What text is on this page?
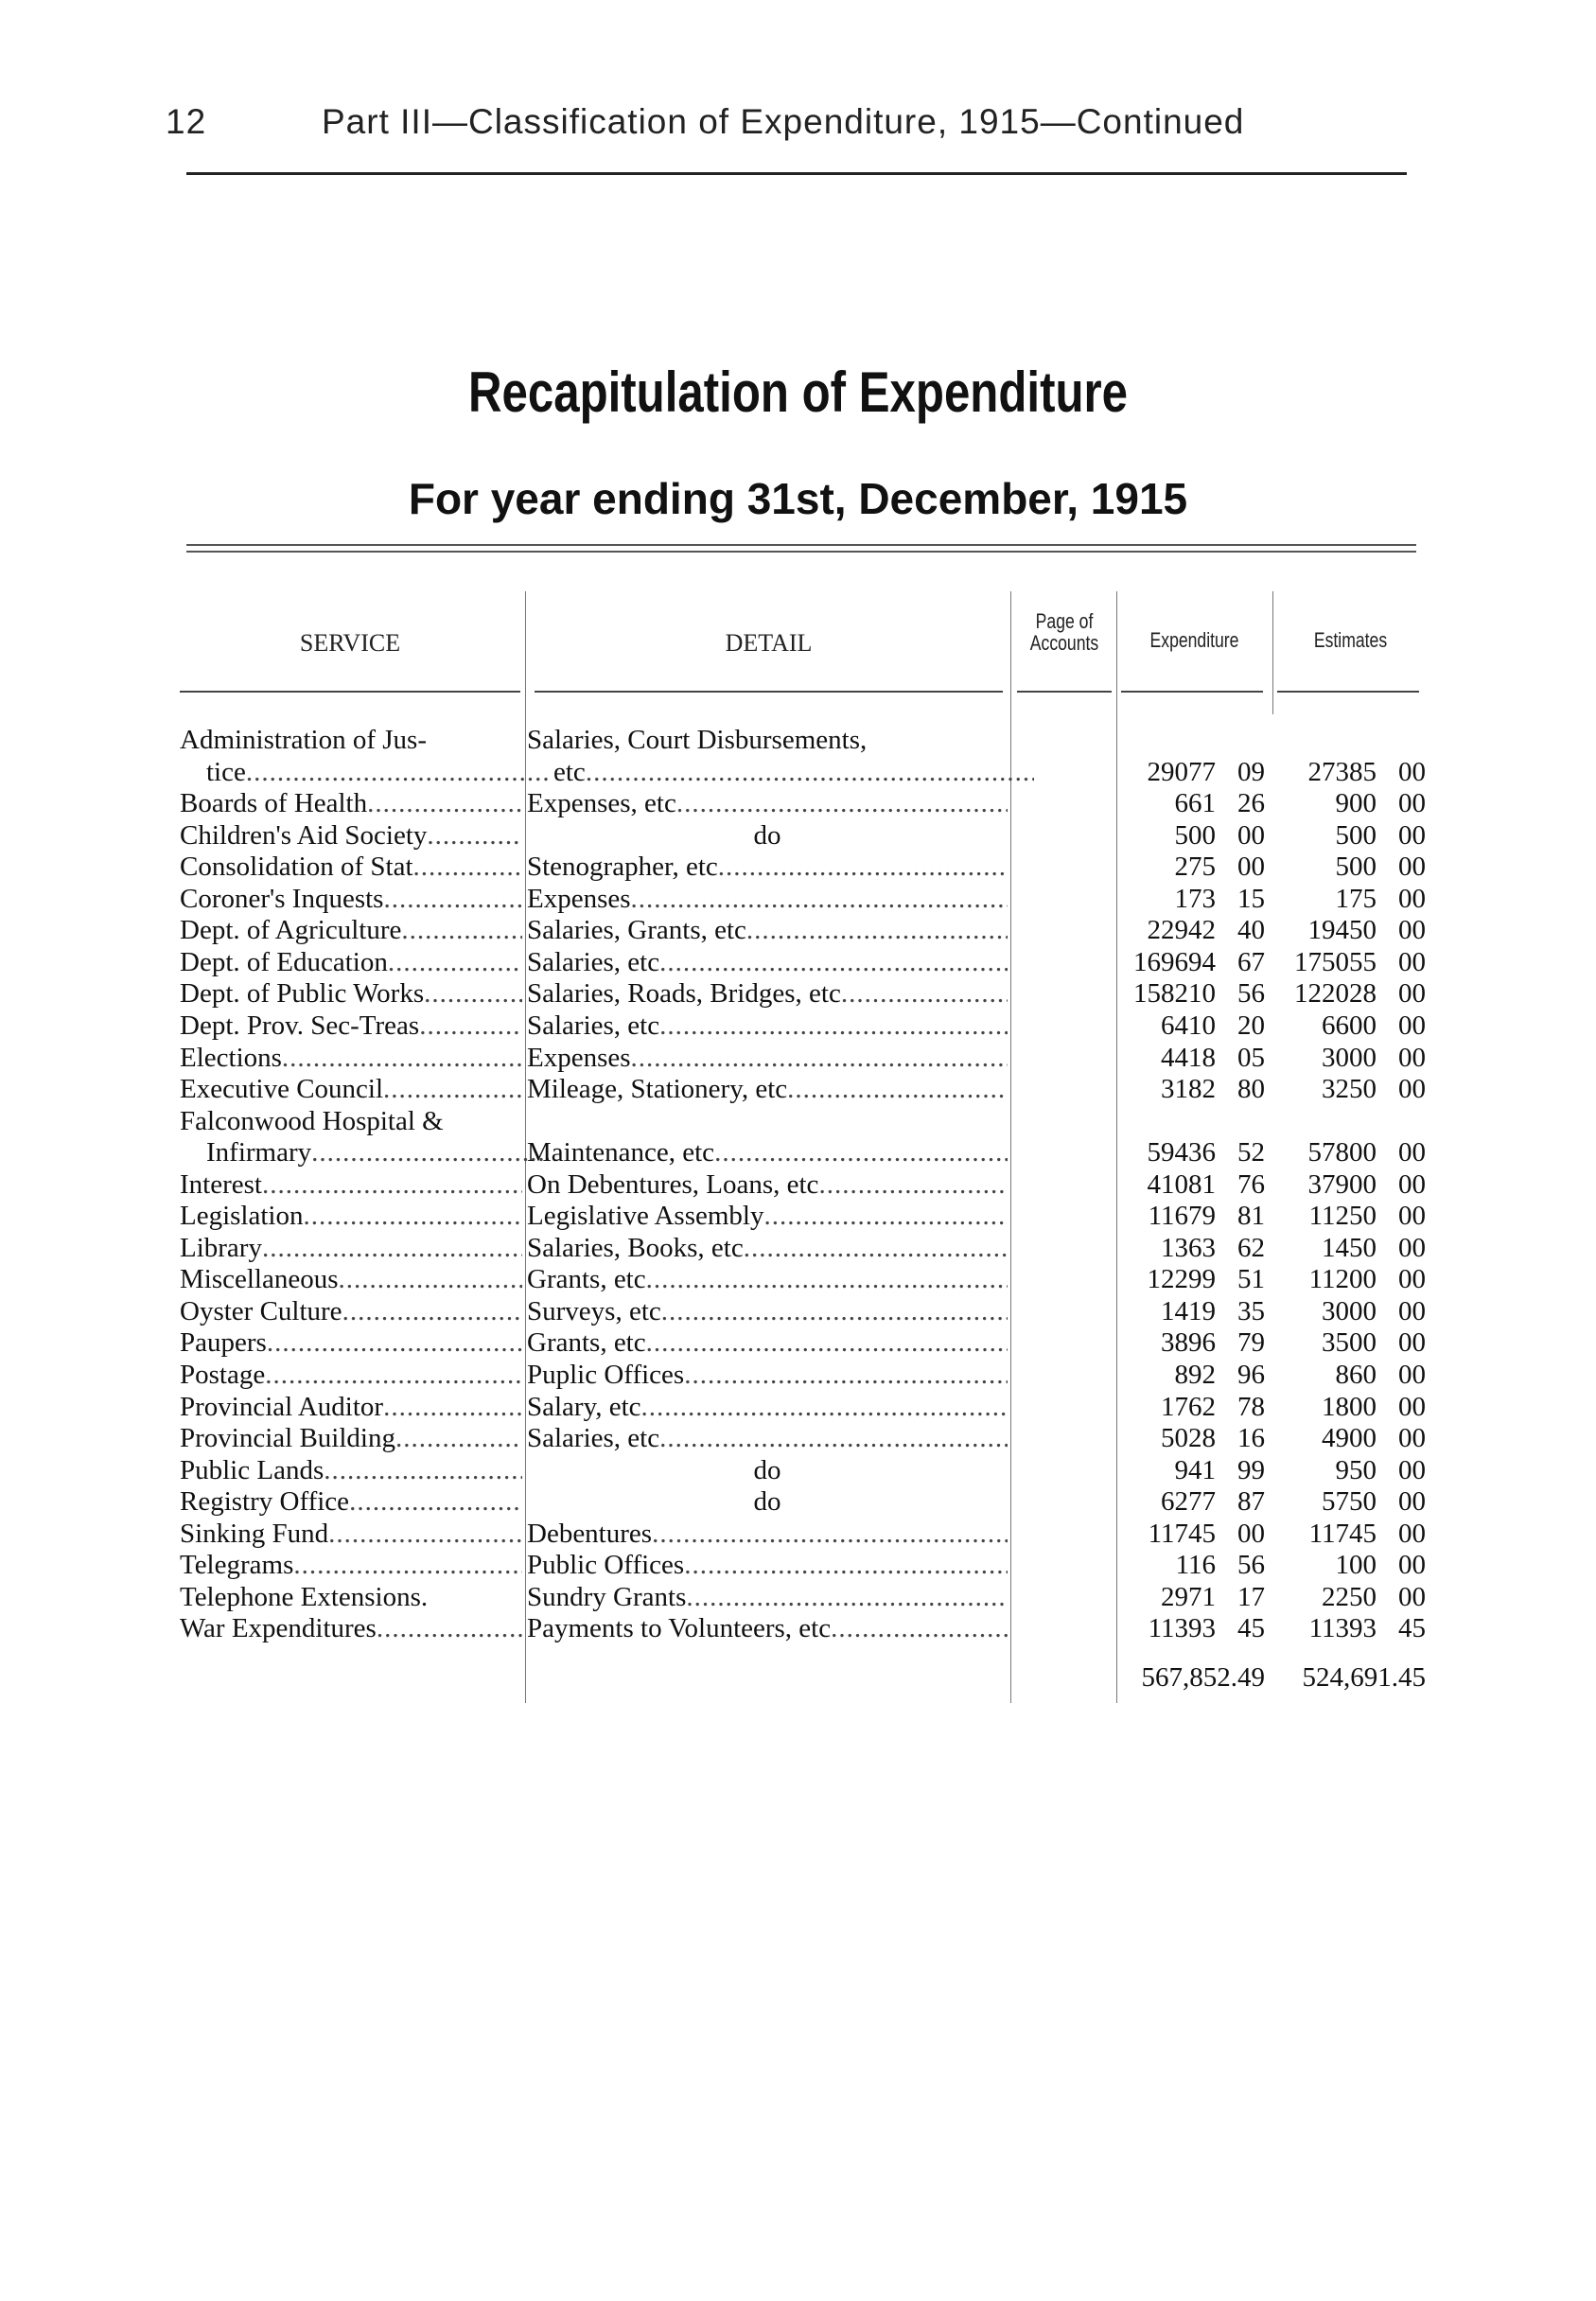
12	Part III—Classification of Expenditure, 1915—Continued
Recapitulation of Expenditure
For year ending 31st, December, 1915
SERVICE	DETAIL
Page of
Accounts	Expenditure	Estimates
Administration of Jus-	Salaries, Court Disbursements,
tice .....	etc .....	29077 09	27385 00
Boards of Health .....	Expenses, etc .....	661 26	900 00
Children's Aid Society .....	do	500 00	500 00
Consolidation of Stat .....	Stenographer, etc .....	275 00	500 00
Coroner's Inquests .....	Expenses .....	173 15	175 00
Dept. of Agriculture .....	Salaries, Grants, etc .....	22942 40	19450 00
Dept. of Education .....	Salaries, etc .....	169694 67	175055 00
Dept. of Public Works .....	Salaries, Roads, Bridges, etc .....	158210 56	122028 00
Dept. Prov. Sec-Treas .....	Salaries, etc .....	6410 20	6600 00
Elections .....	Expenses .....	4418 05	3000 00
Executive Council .....	Mileage, Stationery, etc .....	3182 80	3250 00
Falconwood Hospital &
Infirmary .....	Maintenance, etc .....	59436 52	57800 00
Interest .....	On Debentures, Loans, etc .....	41081 76	37900 00
Legislation .....	Legislative Assembly .....	11679 81	11250 00
Library .....	Salaries, Books, etc .....	1363 62	1450 00
Miscellaneous .....	Grants, etc .....	12299 51	11200 00
Oyster Culture .....	Surveys, etc .....	1419 35	3000 00
Paupers .....	Grants, etc .....	3896 79	3500 00
Postage .....	Puplic Offices .....	892 96	860 00
Provincial Auditor .....	Salary, etc .....	1762 78	1800 00
Provincial Building .....	Salaries, etc .....	5028 16	4900 00
Public Lands .....	do	941 99	950 00
Registry Office .....	do	6277 87	5750 00
Sinking Fund .....	Debentures .....	11745 00	11745 00
Telegrams .....	Public Offices .....	116 56	100 00
Telephone Extensions.	Sundry Grants .....	2971 17	2250 00
War Expenditures .....	Payments to Volunteers, etc .....	11393 45	11393 45
567,852.49	524,691.45
